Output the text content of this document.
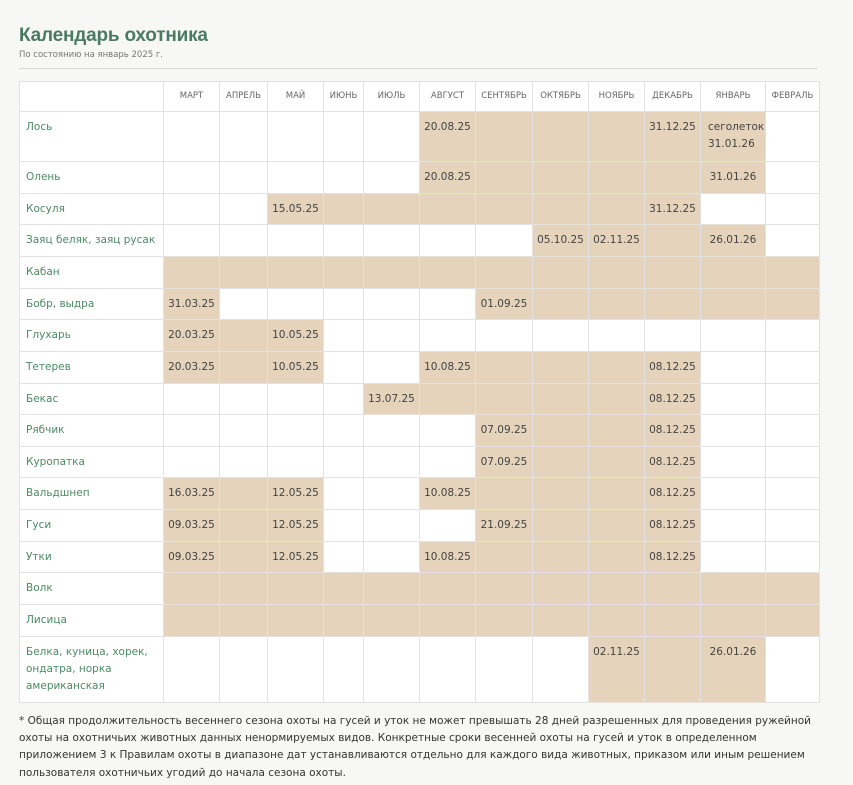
Календарь охотника
По состоянию на январь 2025 г.
	МАРТ	АПРЕЛЬ	МАЙ	ИЮНЬ	ИЮЛЬ	АВГУСТ	СЕНТЯБРЬ	ОКТЯБРЬ	НОЯБРЬ	ДЕКАБРЬ	ЯНВАРЬ	ФЕВРАЛЬ
Лось						20.08.25				31.12.25	сеголеток 31.01.26	
Олень						20.08.25					31.01.26	
Косуля			15.05.25							31.12.25		
Заяц беляк, заяц русак								05.10.25	02.11.25		26.01.26	
Кабан												
Бобр, выдра	31.03.25						01.09.25					
Глухарь	20.03.25		10.05.25									
Тетерев	20.03.25		10.05.25			10.08.25				08.12.25		
Бекас					13.07.25					08.12.25		
Рябчик							07.09.25			08.12.25		
Куропатка							07.09.25			08.12.25		
Вальдшнеп	16.03.25		12.05.25			10.08.25				08.12.25		
Гуси	09.03.25		12.05.25				21.09.25			08.12.25		
Утки	09.03.25		12.05.25			10.08.25				08.12.25		
Волк												
Лисица												
Белка, куница, хорек, ондатра, норка американская									02.11.25		26.01.26	
* Общая продолжительность весеннего сезона охоты на гусей и уток не может превышать 28 дней разрешенных для проведения ружейной охоты на охотничьих животных данных ненормируемых видов. Конкретные сроки весенней охоты на гусей и уток в определенном приложением 3 к Правилам охоты в диапазоне дат устанавливаются отдельно для каждого вида животных, приказом или иным решением пользователя охотничьих угодий до начала сезона охоты.
